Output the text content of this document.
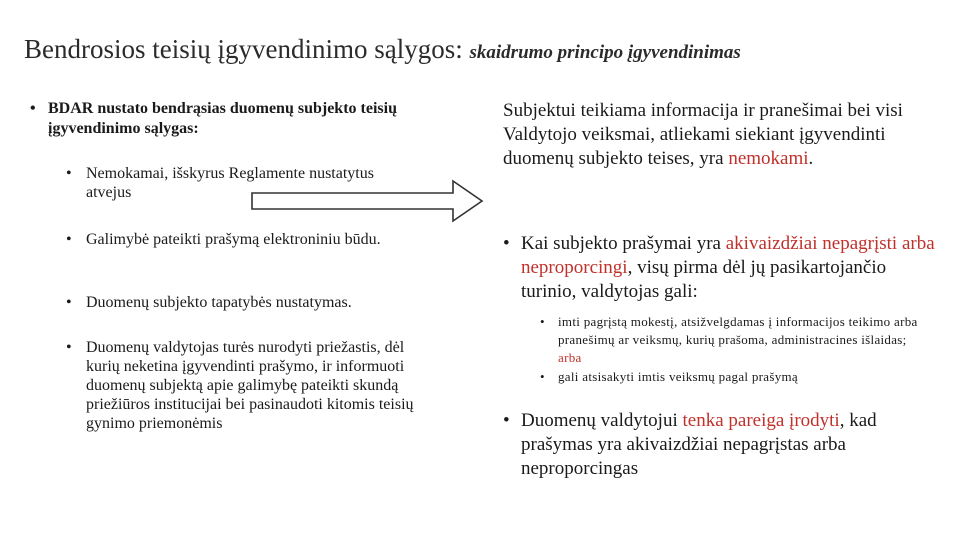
Bendrosios teisių įgyvendinimo sąlygos: skaidrumo principo įgyvendinimas
• BDAR nustato bendrąsias duomenų subjekto teisių įgyvendinimo sąlygas:
• Nemokamai, išskyrus Reglamente nustatytus atvejus
• Galimybė pateikti prašymą elektroniniu būdu.
• Duomenų subjekto tapatybės nustatymas.
• Duomenų valdytojas turės nurodyti priežastis, dėl kurių neketina įgyvendinti prašymo, ir informuoti duomenų subjektą apie galimybę pateikti skundą priežiūros institucijai bei pasinaudoti kitomis teisių gynimo priemonėmis
Subjektui teikiama informacija ir pranešimai bei visi Valdytojo veiksmai, atliekami siekiant įgyvendinti duomenų subjekto teises, yra nemokami.
• Kai subjekto prašymai yra akivaizdžiai nepagrįsti arba neproporcingi, visų pirma dėl jų pasikartojančio turinio, valdytojas gali:
•	imti pagrįstą mokestį, atsižvelgdamas į informacijos teikimo arba pranešimų ar veiksmų, kurių prašoma, administracines išlaidas; arba
•	gali atsisakyti imtis veiksmų pagal prašymą
• Duomenų valdytojui tenka pareiga įrodyti, kad prašymas yra akivaizdžiai nepagrįstas arba neproporcingas
